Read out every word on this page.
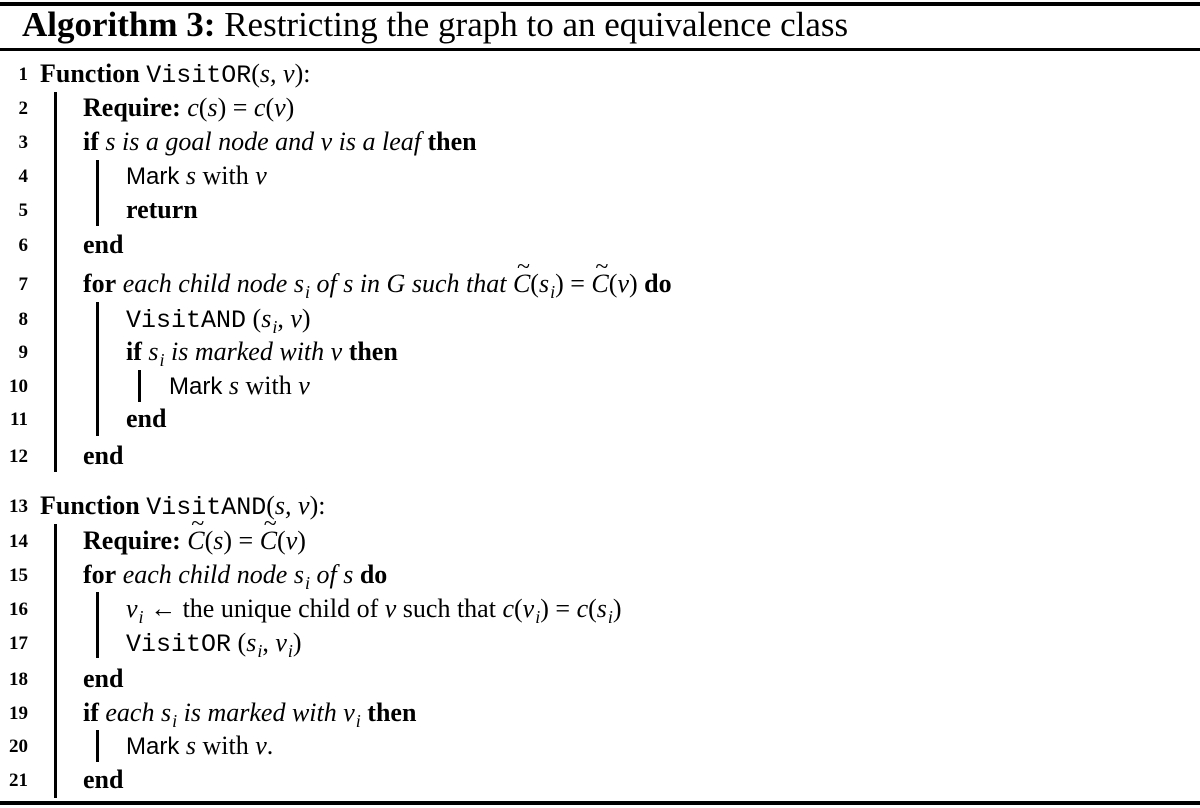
Algorithm 3: Restricting the graph to an equivalence class
1 Function VisitOR(s, v):
2 Require: c(s) = c(v)
3 if s is a goal node and v is a leaf then
4	Mark s with v
5	return
6 end
7 for each child node $s_i$ of s in G such that ~ $C(s_i)$ = ~ C(v) do
8	VisitAND ($s_i$, v)
9	if $s_i$ is marked with v then
10	Mark s with v
11	end
12 end
13 Function VisitAND(s, v):
14 Require: ~ C(s) = ~ C(v)
15 for each child node $s_i$ of s do
16	$v_i$ ← the unique child of v such that $c(v_i) = c(s_i)$
17	VisitOR ($s_i$, $v_i$)
18 end
19 if each $s_i$ is marked with $v_i$ then
20	Mark s with v.
21 end
